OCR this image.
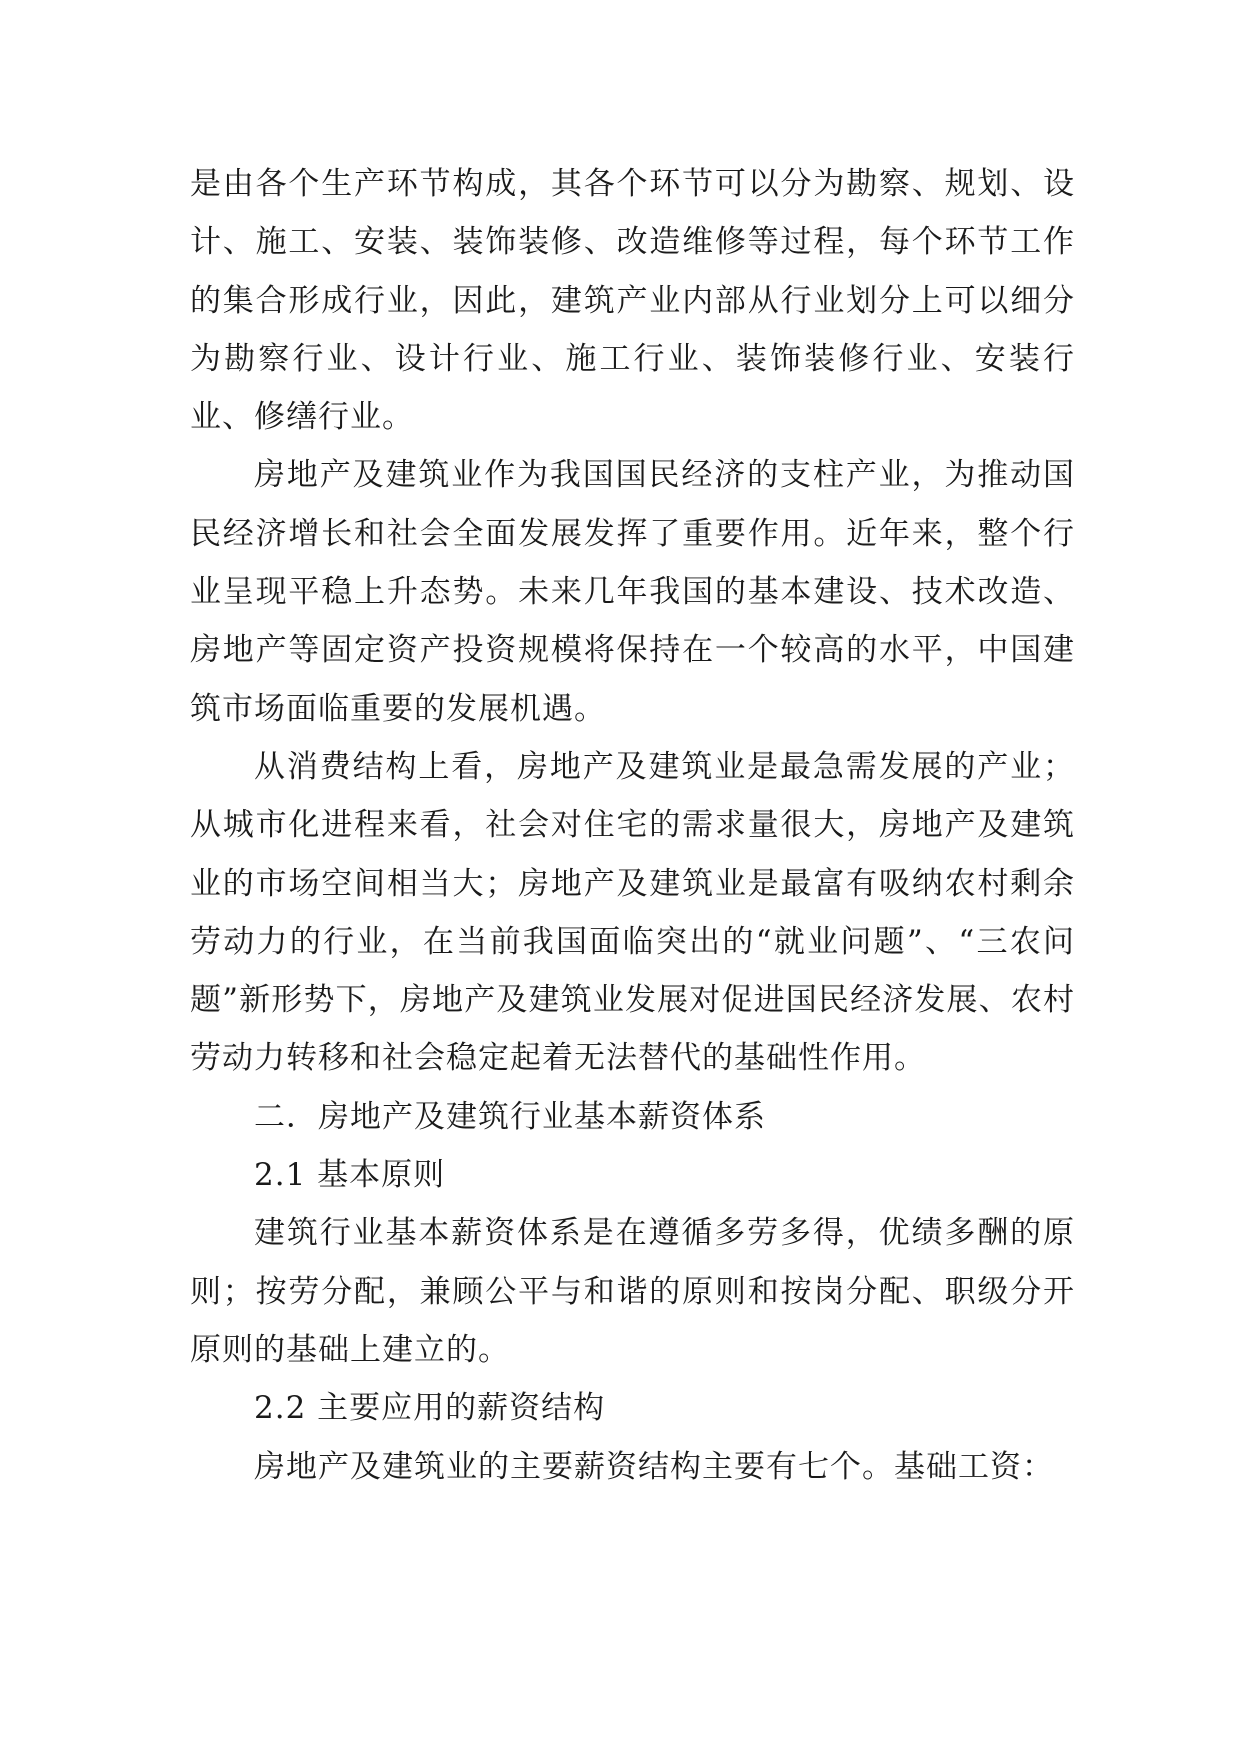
是由各个生产环节构成，其各个环节可以分为勘察、规划、设计、施工、安装、装饰装修、改造维修等过程，每个环节工作的集合形成行业，因此，建筑产业内部从行业划分上可以细分为勘察行业、设计行业、施工行业、装饰装修行业、安装行业、修缮行业。

房地产及建筑业作为我国国民经济的支柱产业，为推动国民经济增长和社会全面发展发挥了重要作用。近年来，整个行业呈现平稳上升态势。未来几年我国的基本建设、技术改造、房地产等固定资产投资规模将保持在一个较高的水平，中国建筑市场面临重要的发展机遇。

从消费结构上看，房地产及建筑业是最急需发展的产业；从城市化进程来看，社会对住宅的需求量很大，房地产及建筑业的市场空间相当大；房地产及建筑业是最富有吸纳农村剩余劳动力的行业，在当前我国面临突出的“就业问题”、“三农问题”新形势下，房地产及建筑业发展对促进国民经济发展、农村劳动力转移和社会稳定起着无法替代的基础性作用。

二．房地产及建筑行业基本薪资体系

2.1 基本原则

建筑行业基本薪资体系是在遵循多劳多得，优绩多酬的原则；按劳分配，兼顾公平与和谐的原则和按岗分配、职级分开原则的基础上建立的。

2.2 主要应用的薪资结构

房地产及建筑业的主要薪资结构主要有七个。基础工资：
